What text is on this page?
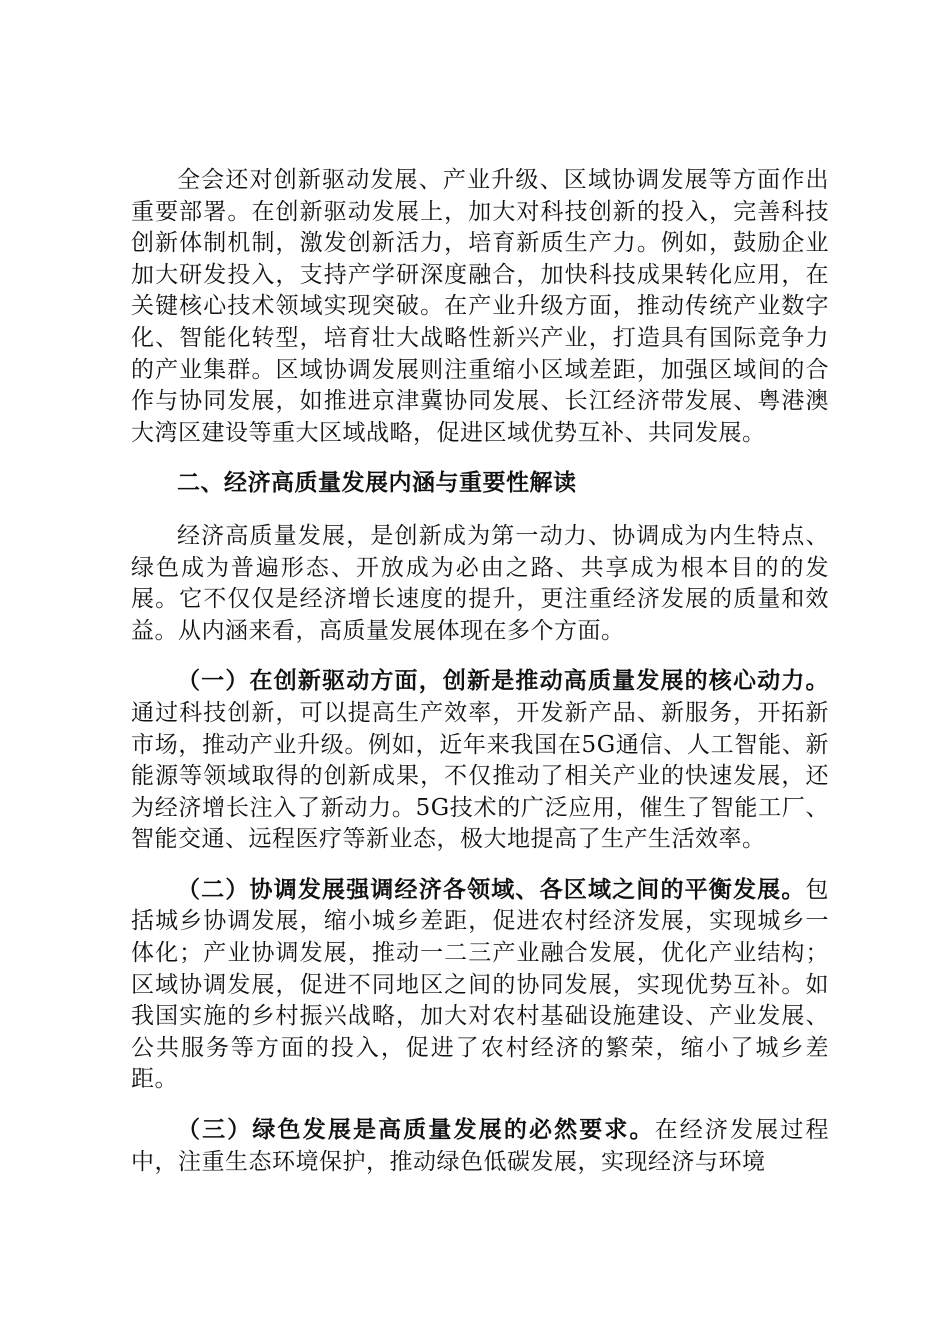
全会还对创新驱动发展、产业升级、区域协调发展等方面作出重要部署。在创新驱动发展上，加大对科技创新的投入，完善科技创新体制机制，激发创新活力，培育新质生产力。例如，鼓励企业加大研发投入，支持产学研深度融合，加快科技成果转化应用，在关键核心技术领域实现突破。在产业升级方面，推动传统产业数字化、智能化转型，培育壮大战略性新兴产业，打造具有国际竞争力的产业集群。区域协调发展则注重缩小区域差距，加强区域间的合作与协同发展，如推进京津冀协同发展、长江经济带发展、粤港澳大湾区建设等重大区域战略，促进区域优势互补、共同发展。

二、经济高质量发展内涵与重要性解读

经济高质量发展，是创新成为第一动力、协调成为内生特点、绿色成为普遍形态、开放成为必由之路、共享成为根本目的的发展。它不仅仅是经济增长速度的提升，更注重经济发展的质量和效益。从内涵来看，高质量发展体现在多个方面。

（一）在创新驱动方面，创新是推动高质量发展的核心动力。通过科技创新，可以提高生产效率，开发新产品、新服务，开拓新市场，推动产业升级。例如，近年来我国在5G通信、人工智能、新能源等领域取得的创新成果，不仅推动了相关产业的快速发展，还为经济增长注入了新动力。5G技术的广泛应用，催生了智能工厂、智能交通、远程医疗等新业态，极大地提高了生产生活效率。

（二）协调发展强调经济各领域、各区域之间的平衡发展。包括城乡协调发展，缩小城乡差距，促进农村经济发展，实现城乡一体化；产业协调发展，推动一二三产业融合发展，优化产业结构；区域协调发展，促进不同地区之间的协同发展，实现优势互补。如我国实施的乡村振兴战略，加大对农村基础设施建设、产业发展、公共服务等方面的投入，促进了农村经济的繁荣，缩小了城乡差距。

（三）绿色发展是高质量发展的必然要求。在经济发展过程中，注重生态环境保护，推动绿色低碳发展，实现经济与环境
